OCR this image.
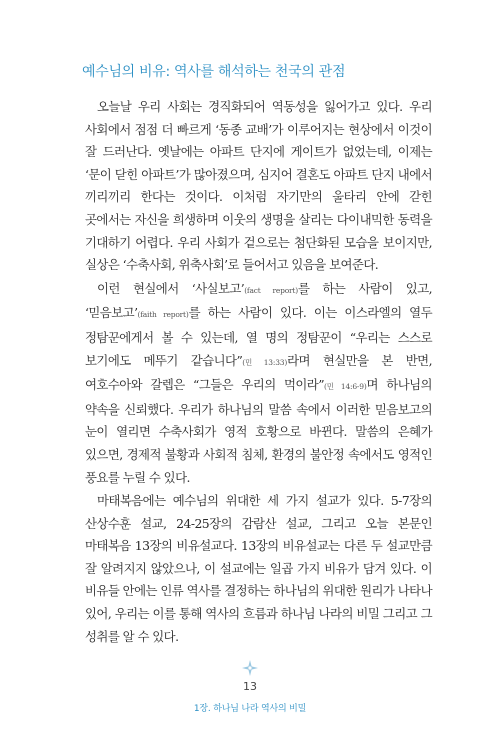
예수님의 비유: 역사를 해석하는 천국의 관점

오늘날 우리 사회는 경직화되어 역동성을 잃어가고 있다. 우리 사회에서 점점 더 빠르게 ‘동종 교배’가 이루어지는 현상에서 이것이 잘 드러난다. 옛날에는 아파트 단지에 게이트가 없었는데, 이제는 ‘문이 닫힌 아파트’가 많아졌으며, 심지어 결혼도 아파트 단지 내에서 끼리끼리 한다는 것이다. 이처럼 자기만의 울타리 안에 갇힌 곳에서는 자신을 희생하며 이웃의 생명을 살리는 다이내믹한 동력을 기대하기 어렵다. 우리 사회가 겉으로는 첨단화된 모습을 보이지만, 실상은 ‘수축사회, 위축사회’로 들어서고 있음을 보여준다.

이런 현실에서 ‘사실보고’(fact report)를 하는 사람이 있고, ‘믿음보고’(faith report)를 하는 사람이 있다. 이는 이스라엘의 열두 정탐꾼에게서 볼 수 있는데, 열 명의 정탐꾼이 “우리는 스스로 보기에도 메뚜기 같습니다”(민 13:33)라며 현실만을 본 반면, 여호수아와 갈렙은 “그들은 우리의 먹이라”(민 14:6-9)며 하나님의 약속을 신뢰했다. 우리가 하나님의 말씀 속에서 이러한 믿음보고의 눈이 열리면 수축사회가 영적 호황으로 바뀐다. 말씀의 은혜가 있으면, 경제적 불황과 사회적 침체, 환경의 불안정 속에서도 영적인 풍요를 누릴 수 있다.

마태복음에는 예수님의 위대한 세 가지 설교가 있다. 5-7장의 산상수훈 설교, 24-25장의 감람산 설교, 그리고 오늘 본문인 마태복음 13장의 비유설교다. 13장의 비유설교는 다른 두 설교만큼 잘 알려지지 않았으나, 이 설교에는 일곱 가지 비유가 담겨 있다. 이 비유들 안에는 인류 역사를 결정하는 하나님의 위대한 원리가 나타나 있어, 우리는 이를 통해 역사의 흐름과 하나님 나라의 비밀 그리고 그 성취를 알 수 있다.

13
1장. 하나님 나라 역사의 비밀
